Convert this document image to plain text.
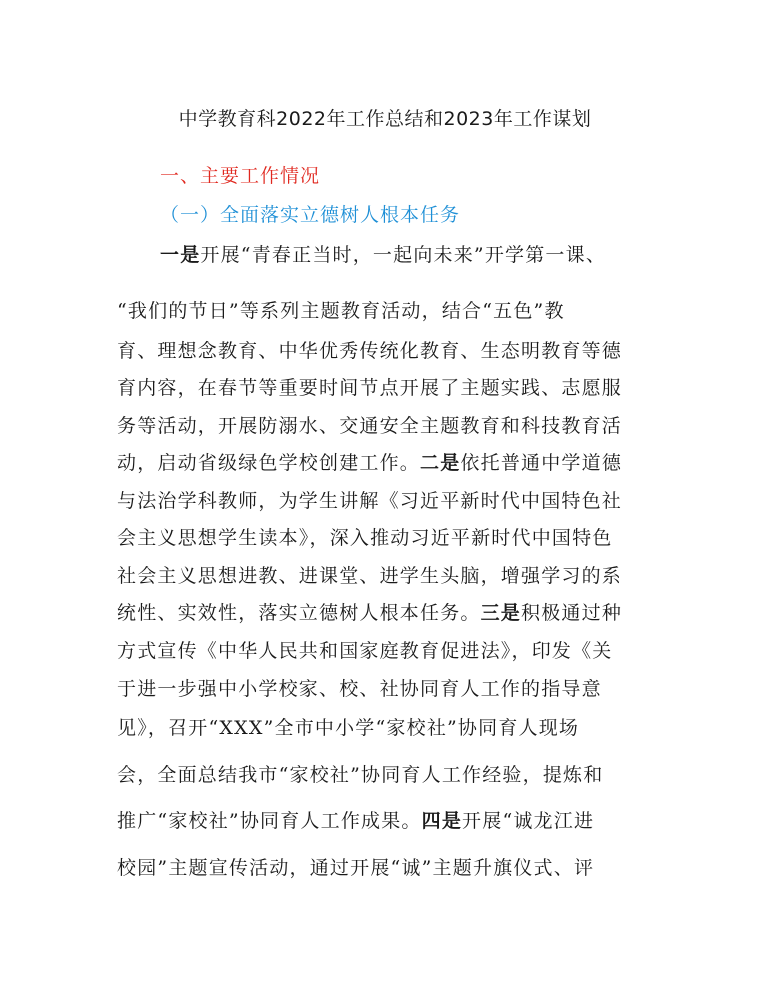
中学教育科2022年工作总结和2023年工作谋划
一、主要工作情况
（一）全面落实立德树人根本任务
一是开展“青春正当时，一起向未来”开学第一课、
“我们的节日”等系列主题教育活动，结合“五色”教
育、理想念教育、中华优秀传统化教育、生态明教育等德
育内容，在春节等重要时间节点开展了主题实践、志愿服
务等活动，开展防溺水、交通安全主题教育和科技教育活
动，启动省级绿色学校创建工作。二是依托普通中学道德
与法治学科教师，为学生讲解《习近平新时代中国特色社
会主义思想学生读本》，深入推动习近平新时代中国特色
社会主义思想进教、进课堂、进学生头脑，增强学习的系
统性、实效性，落实立德树人根本任务。三是积极通过种
方式宣传《中华人民共和国家庭教育促进法》，印发《关
于进一步强中小学校家、校、社协同育人工作的指导意
见》，召开“XXX”全市中小学“家校社”协同育人现场
会，全面总结我市“家校社”协同育人工作经验，提炼和
推广“家校社”协同育人工作成果。四是开展“诚龙江进
校园”主题宣传活动，通过开展“诚”主题升旗仪式、评
